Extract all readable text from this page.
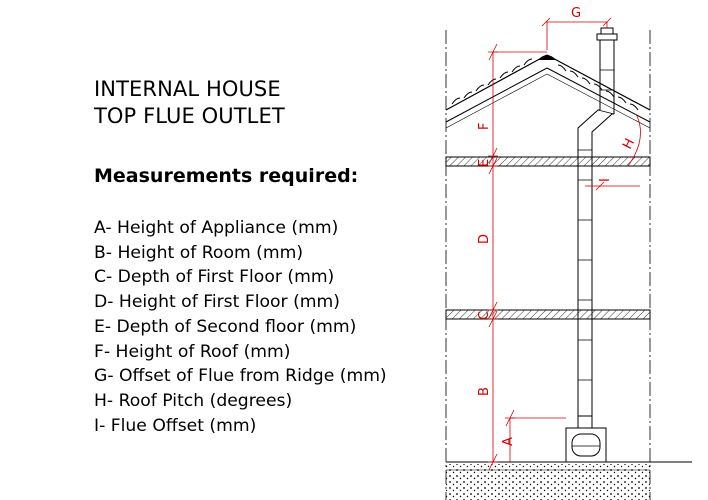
INTERNAL HOUSE
TOP FLUE OUTLET
Measurements required:
A- Height of Appliance (mm)
B- Height of Room (mm)
C- Depth of First Floor (mm)
D- Height of First Floor (mm)
E- Depth of Second floor (mm)
F- Height of Roof (mm)
G- Offset of Flue from Ridge (mm)
H- Roof Pitch (degrees)
I- Flue Offset (mm)
A
B
C
D
E
F
G
H
I
